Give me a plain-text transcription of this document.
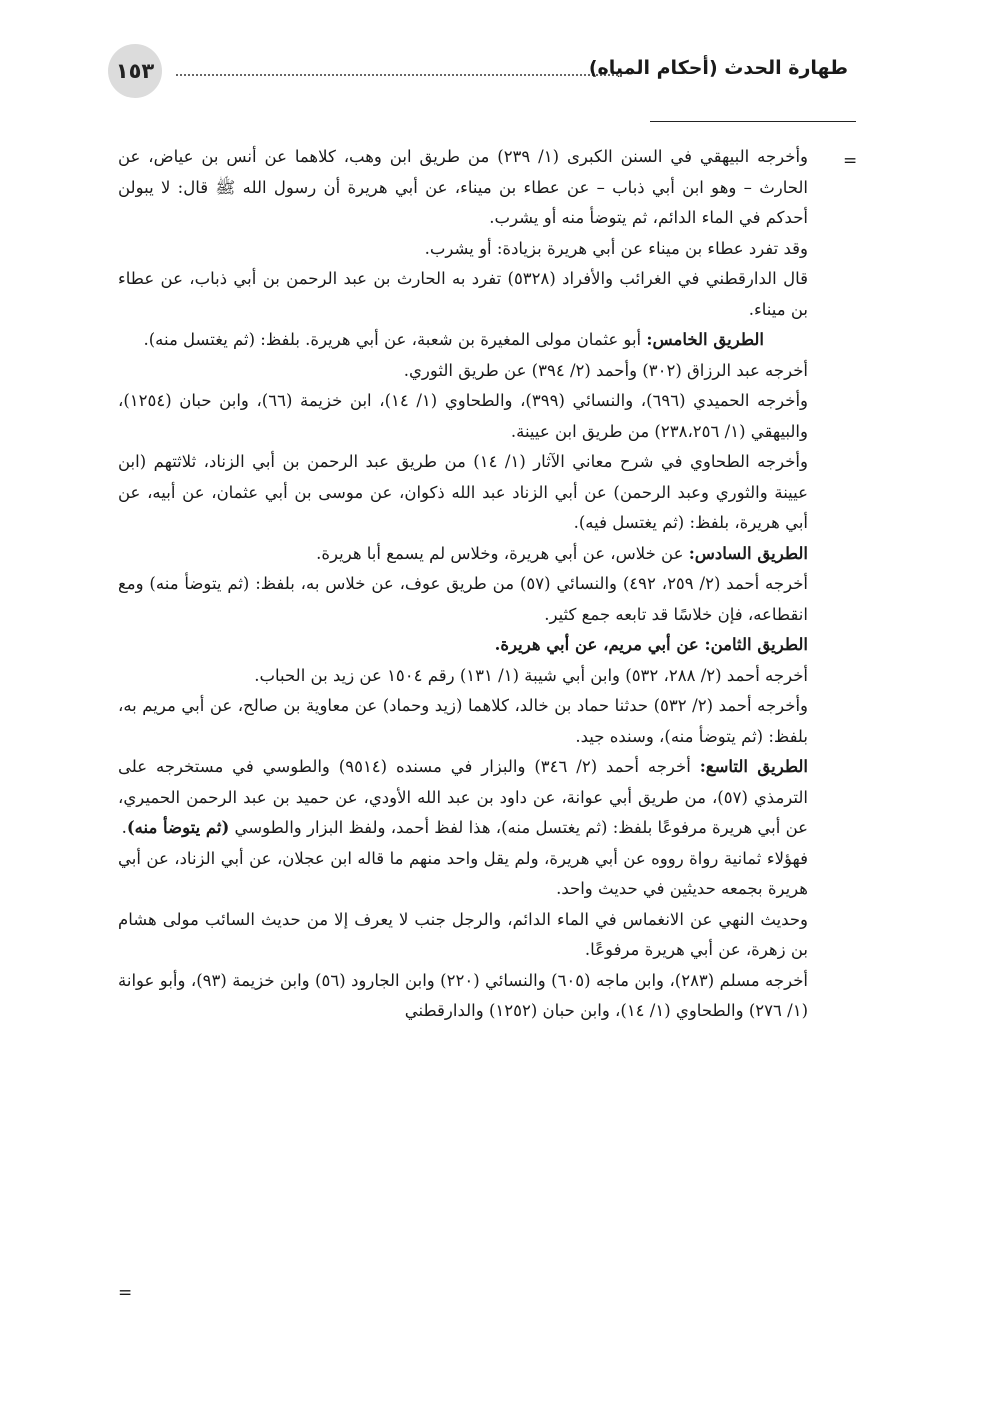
١٥٣	طهارة الحدث (أحكام المياه)
=
=

وأخرجه البيهقي في السنن الكبرى (١/ ٢٣٩) من طريق ابن وهب، كلاهما عن أنس بن عياض، عن الحارث – وهو ابن أبي ذباب – عن عطاء بن ميناء، عن أبي هريرة أن رسول الله ﷺ قال: لا يبولن أحدكم في الماء الدائم، ثم يتوضأ منه أو يشرب.

وقد تفرد عطاء بن ميناء عن أبي هريرة بزيادة: أو يشرب.

قال الدارقطني في الغرائب والأفراد (٥٣٢٨) تفرد به الحارث بن عبد الرحمن بن أبي ذباب، عن عطاء بن ميناء.

الطريق الخامس: أبو عثمان مولى المغيرة بن شعبة، عن أبي هريرة. بلفظ: (ثم يغتسل منه).

أخرجه عبد الرزاق (٣٠٢) وأحمد (٢/ ٣٩٤) عن طريق الثوري.

وأخرجه الحميدي (٦٩٦)، والنسائي (٣٩٩)، والطحاوي (١/ ١٤)، ابن خزيمة (٦٦)، وابن حبان (١٢٥٤)، والبيهقي (١/ ٢٣٨،٢٥٦) من طريق ابن عيينة.

وأخرجه الطحاوي في شرح معاني الآثار (١/ ١٤) من طريق عبد الرحمن بن أبي الزناد، ثلاثتهم (ابن عيينة والثوري وعبد الرحمن) عن أبي الزناد عبد الله ذكوان، عن موسى بن أبي عثمان، عن أبيه، عن أبي هريرة، بلفظ: (ثم يغتسل فيه).

الطريق السادس: عن خلاس، عن أبي هريرة، وخلاس لم يسمع أبا هريرة.

أخرجه أحمد (٢/ ٢٥٩، ٤٩٢) والنسائي (٥٧) من طريق عوف، عن خلاس به، بلفظ: (ثم يتوضأ منه) ومع انقطاعه، فإن خلاسًا قد تابعه جمع كثير.

الطريق الثامن: عن أبي مريم، عن أبي هريرة.

أخرجه أحمد (٢/ ٢٨٨، ٥٣٢) وابن أبي شيبة (١/ ١٣١) رقم ١٥٠٤ عن زيد بن الحباب.

وأخرجه أحمد (٢/ ٥٣٢) حدثنا حماد بن خالد، كلاهما (زيد وحماد) عن معاوية بن صالح، عن أبي مريم به، بلفظ: (ثم يتوضأ منه)، وسنده جيد.

الطريق التاسع: أخرجه أحمد (٢/ ٣٤٦) والبزار في مسنده (٩٥١٤) والطوسي في مستخرجه على الترمذي (٥٧)، من طريق أبي عوانة، عن داود بن عبد الله الأودي، عن حميد بن عبد الرحمن الحميري، عن أبي هريرة مرفوعًا بلفظ: (ثم يغتسل منه)، هذا لفظ أحمد، ولفظ البزار والطوسي (ثم يتوضأ منه).

فهؤلاء ثمانية رواة رووه عن أبي هريرة، ولم يقل واحد منهم ما قاله ابن عجلان، عن أبي الزناد، عن أبي هريرة بجمعه حديثين في حديث واحد.

وحديث النهي عن الانغماس في الماء الدائم، والرجل جنب لا يعرف إلا من حديث السائب مولى هشام بن زهرة، عن أبي هريرة مرفوعًا.

أخرجه مسلم (٢٨٣)، وابن ماجه (٦٠٥) والنسائي (٢٢٠) وابن الجارود (٥٦) وابن خزيمة (٩٣)، وأبو عوانة (١/ ٢٧٦) والطحاوي (١/ ١٤)، وابن حبان (١٢٥٢) والدارقطني
